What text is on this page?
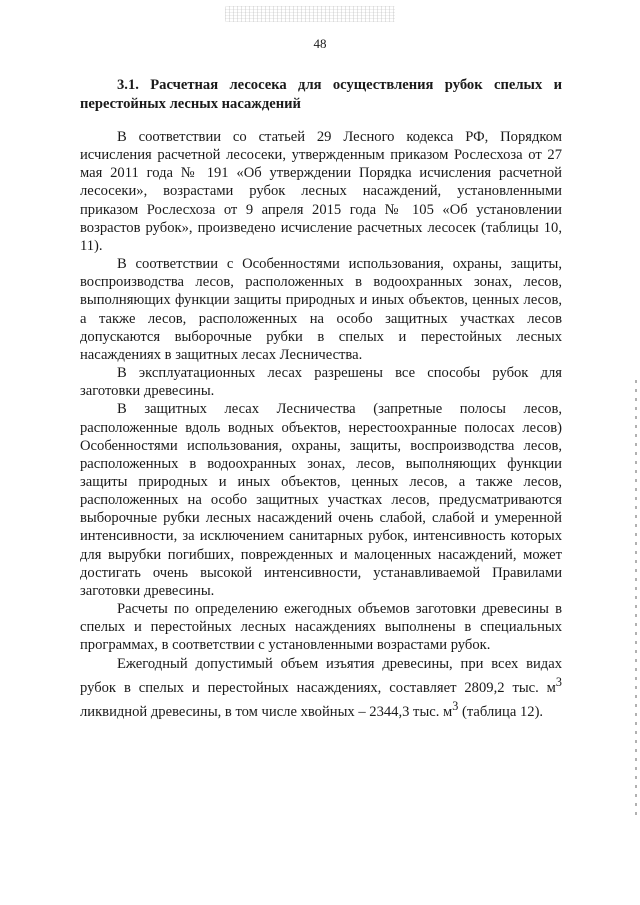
48

3.1. Расчетная лесосека для осуществления рубок спелых и перестойных лесных насаждений

В соответствии со статьей 29 Лесного кодекса РФ, Порядком исчисления расчетной лесосеки, утвержденным приказом Рослесхоза от 27 мая 2011 года № 191 «Об утверждении Порядка исчисления расчетной лесосеки», возрастами рубок лесных насаждений, установленными приказом Рослесхоза от 9 апреля 2015 года № 105 «Об установлении возрастов рубок», произведено исчисление расчетных лесосек (таблицы 10, 11).

В соответствии с Особенностями использования, охраны, защиты, воспроизводства лесов, расположенных в водоохранных зонах, лесов, выполняющих функции защиты природных и иных объектов, ценных лесов, а также лесов, расположенных на особо защитных участках лесов допускаются выборочные рубки в спелых и перестойных лесных насаждениях в защитных лесах Лесничества.

В эксплуатационных лесах разрешены все способы рубок для заготовки древесины.

В защитных лесах Лесничества (запретные полосы лесов, расположенные вдоль водных объектов, нерестоохранные полосах лесов) Особенностями использования, охраны, защиты, воспроизводства лесов, расположенных в водоохранных зонах, лесов, выполняющих функции защиты природных и иных объектов, ценных лесов, а также лесов, расположенных на особо защитных участках лесов, предусматриваются выборочные рубки лесных насаждений очень слабой, слабой и умеренной интенсивности, за исключением санитарных рубок, интенсивность которых для вырубки погибших, поврежденных и малоценных насаждений, может достигать очень высокой интенсивности, устанавливаемой Правилами заготовки древесины.

Расчеты по определению ежегодных объемов заготовки древесины в спелых и перестойных лесных насаждениях выполнены в специальных программах, в соответствии с установленными возрастами рубок.

Ежегодный допустимый объем изъятия древесины, при всех видах рубок в спелых и перестойных насаждениях, составляет 2809,2 тыс. $м^3$ ликвидной древесины, в том числе хвойных – 2344,3 тыс. $м^3$ (таблица 12).
